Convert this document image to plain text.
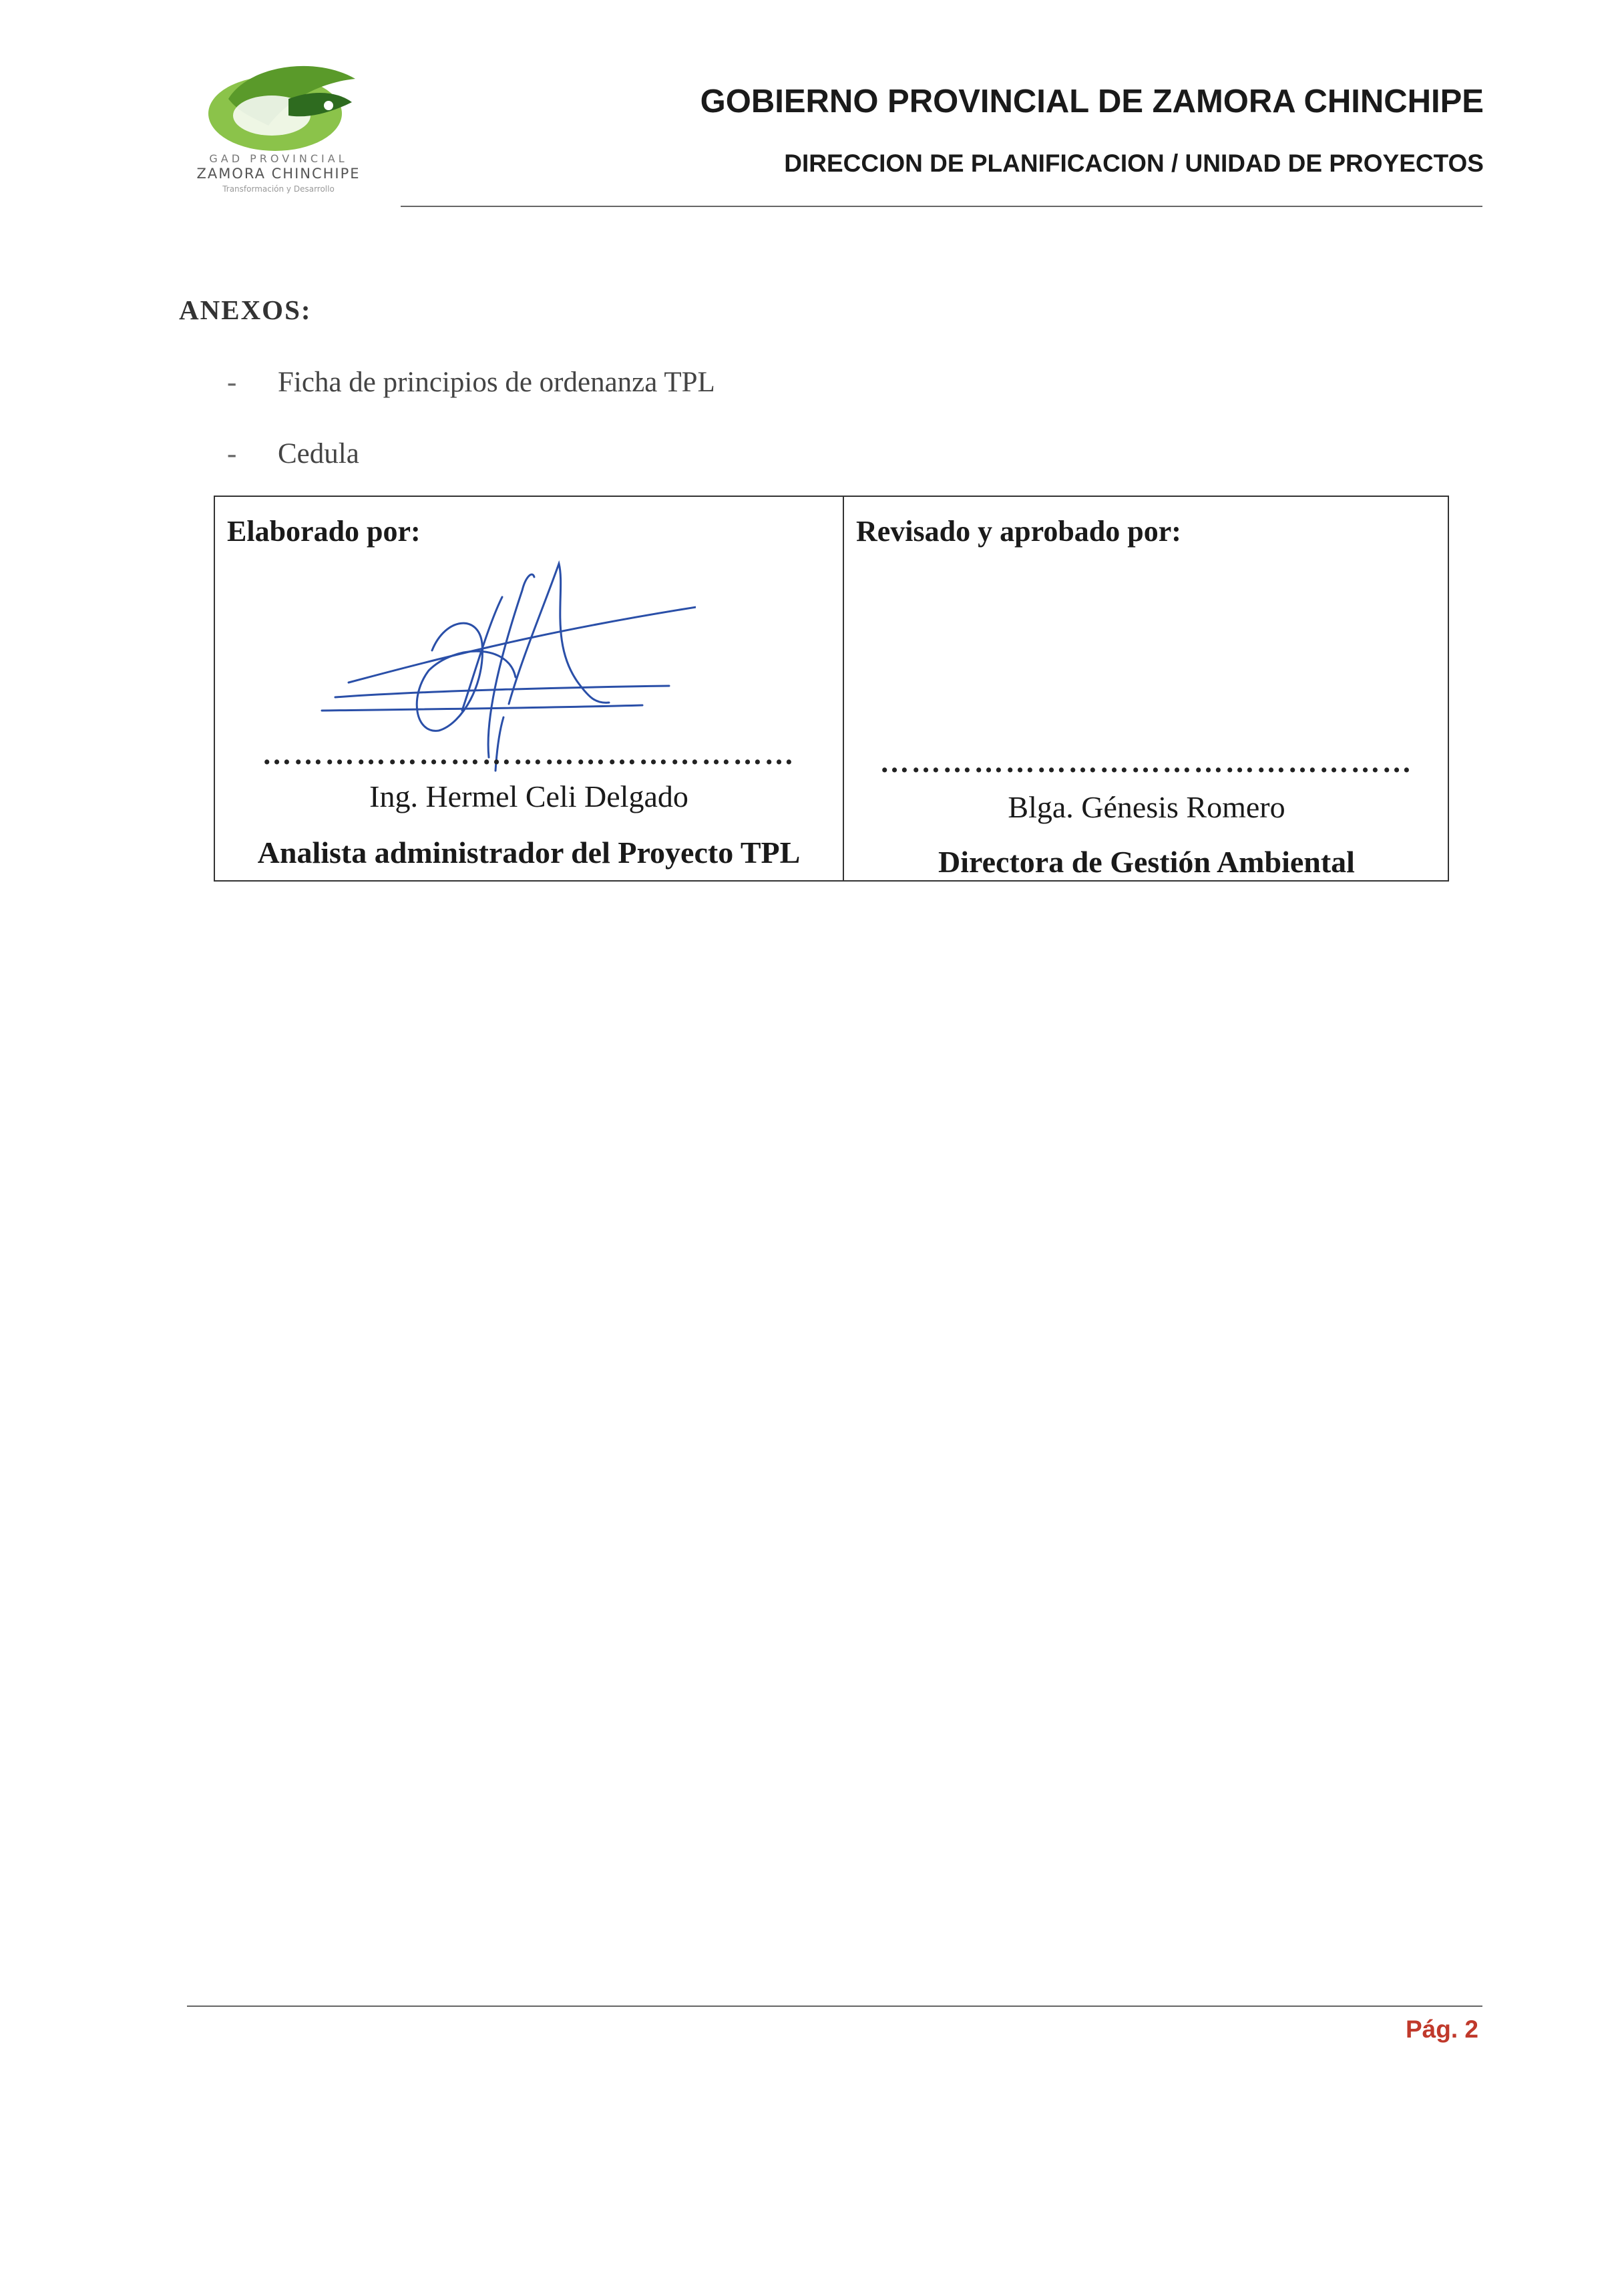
GAD PROVINCIAL
ZAMORA CHINCHIPE
Transformación y Desarrollo
GOBIERNO PROVINCIAL DE ZAMORA CHINCHIPE
DIRECCION DE PLANIFICACION / UNIDAD DE PROYECTOS
ANEXOS:
- Ficha de principios de ordenanza TPL
- Cedula
Elaborado por:
……………………………………………
Ing. Hermel Celi Delgado
Analista administrador del Proyecto TPL
Revisado y aprobado por:
……………………………………………
Blga. Génesis Romero
Directora de Gestión Ambiental
Pág. 2
